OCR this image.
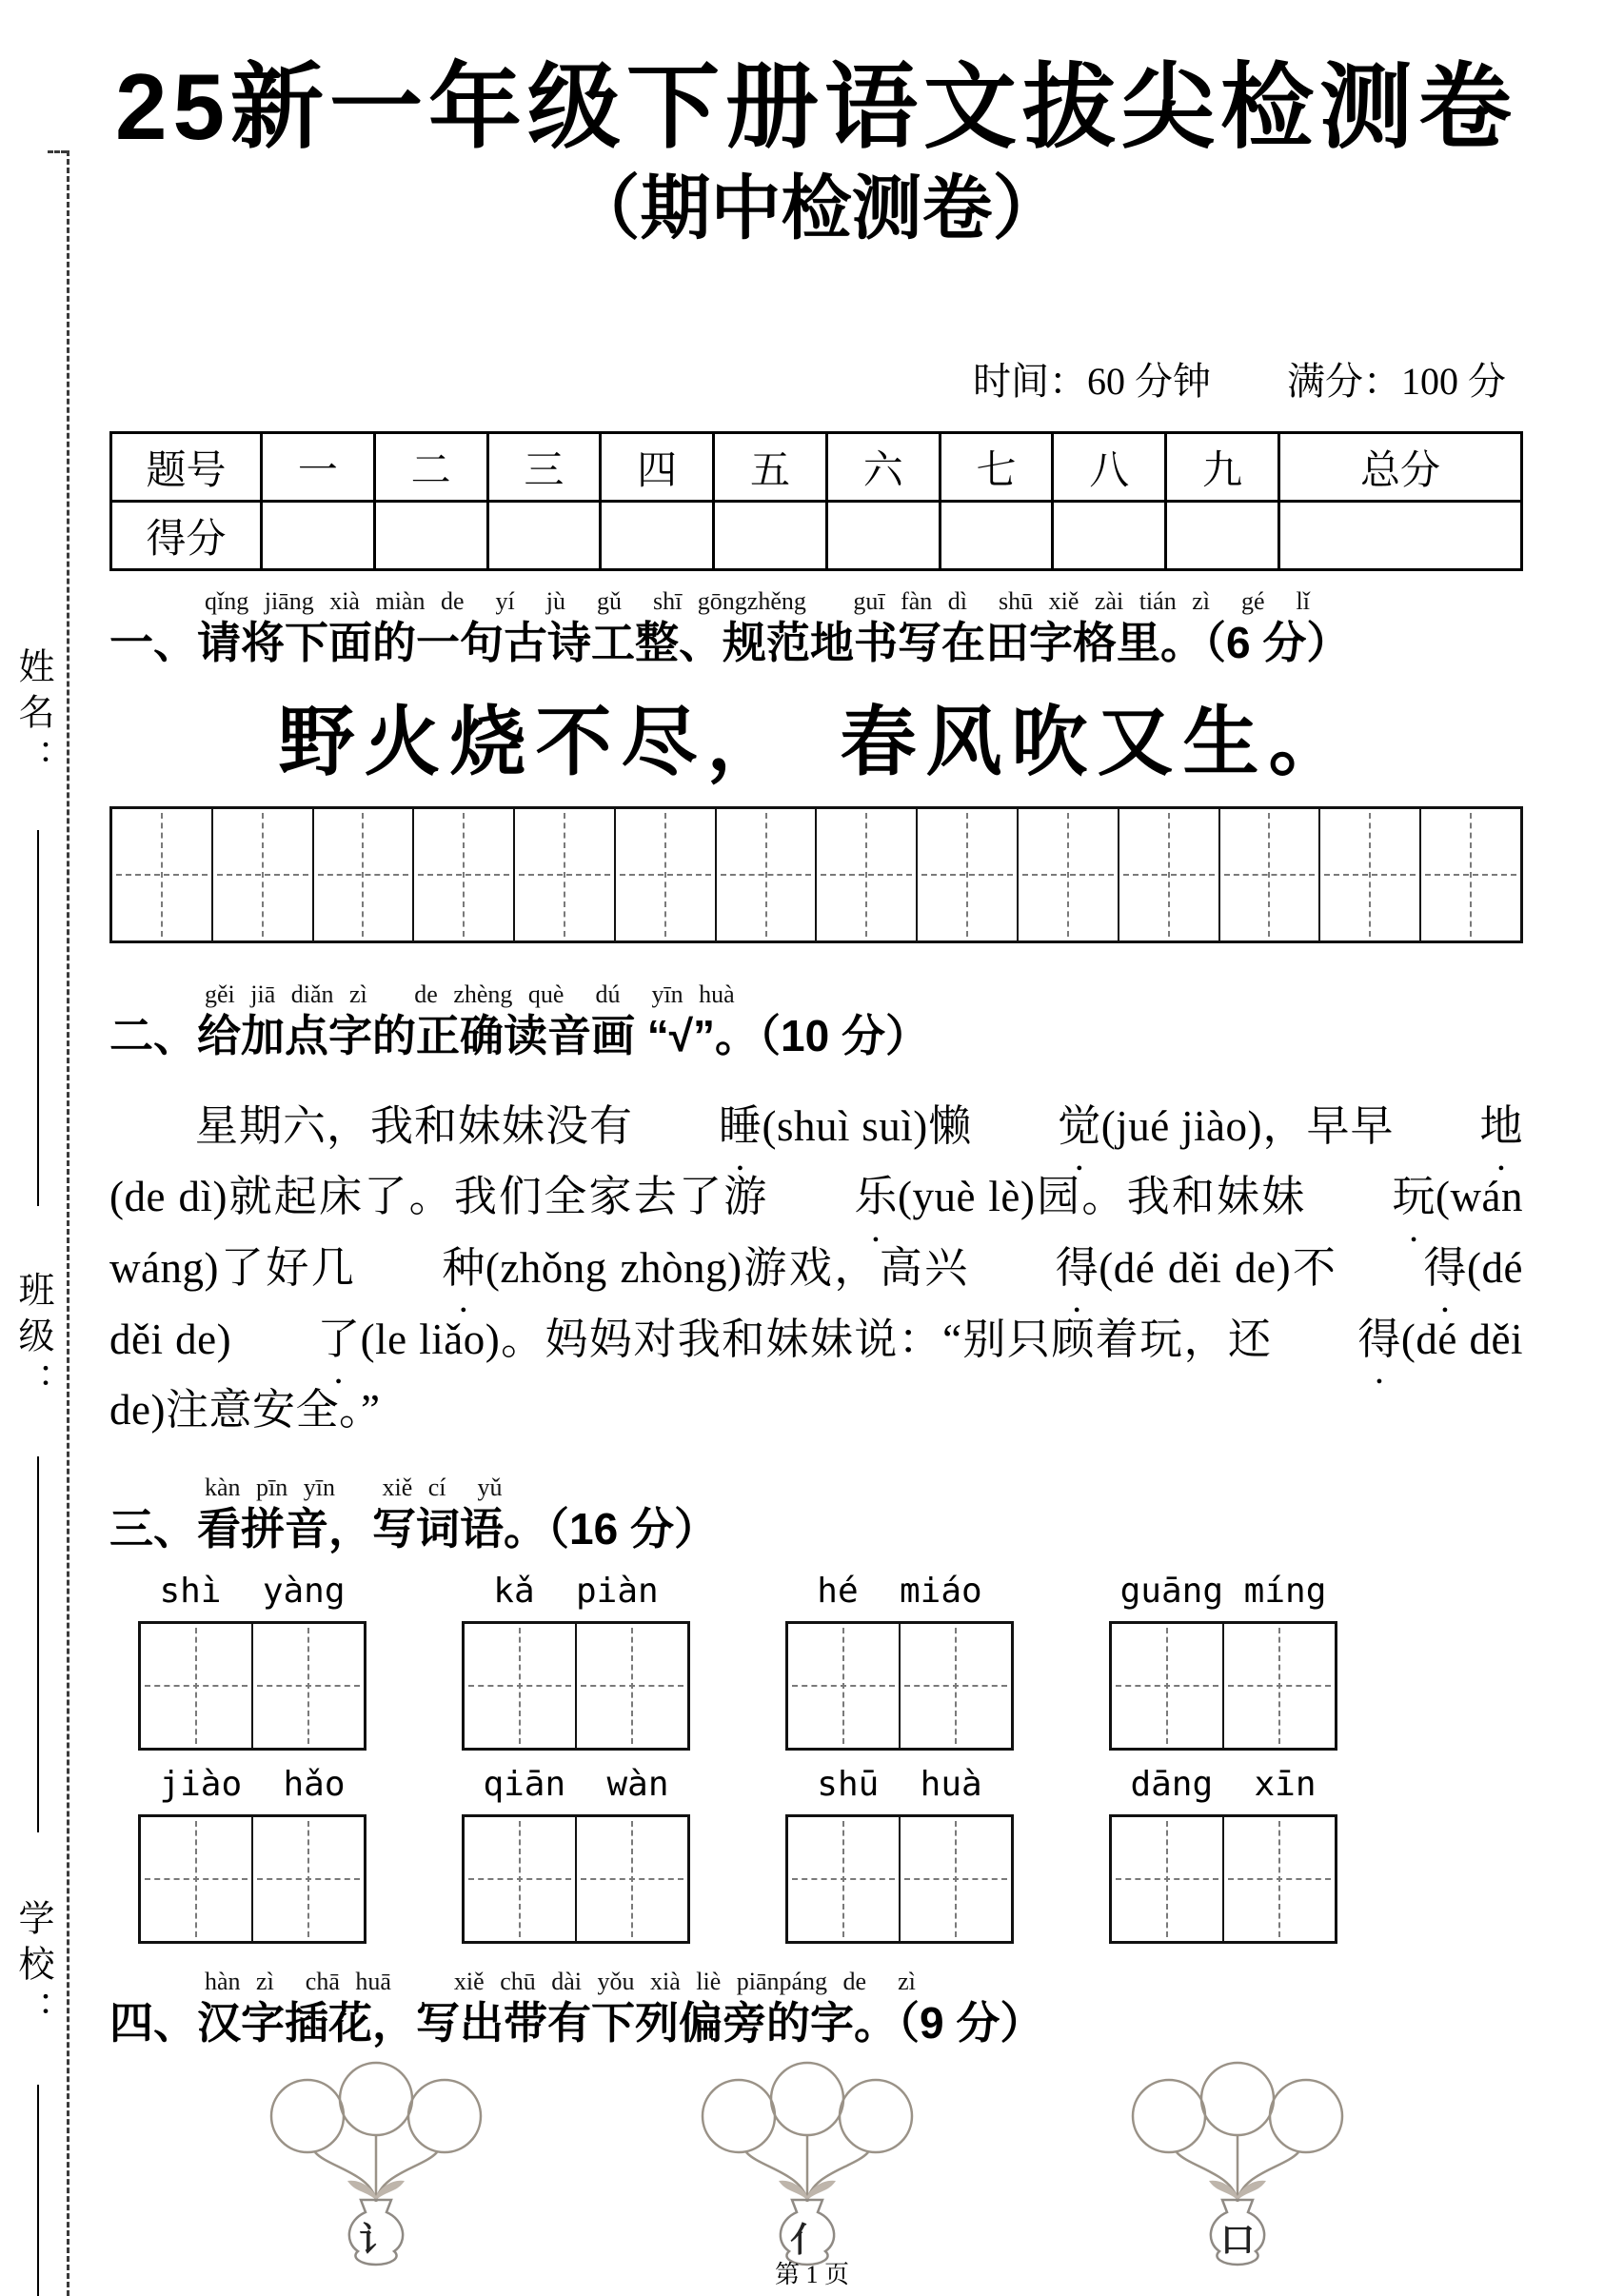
姓名：
班级：
学校：
25新一年级下册语文拔尖检测卷
（期中检测卷）
时间：60 分钟　　满分：100 分
题号	一	二	三	四	五	六	七	八	九	总分
得分										
qǐng jiāng xià miàn de  yí  jù  gǔ  shī gōngzhěng   guī fàn dì  shū xiě zài tián zì  gé  lǐ
一、请将下面的一句古诗工整、规范地书写在田字格里。（6 分）
野火烧不尽，　春风吹又生。
gěi jiā diǎn zì   de zhèng què  dú  yīn huà
二、给加点字的正确读音画 “√”。（10 分）

星期六，我和妹妹没有 睡 ●(shuì suì)懒 觉 ●(jué jiào)，早早 地 ●(de dì)就起床了。我们全家去了游 乐 ●(yuè lè)园。我和妹妹 玩 ●(wán wáng)了好几 种 ●(zhǒng zhòng)游戏，高兴 得 ●(dé děi de)不 得 ●(dé děi de) 了 ●(le liǎo)。妈妈对我和妹妹说：“别只顾着玩，还 得 ●(dé děi de)注意安全。”

kàn pīn yīn   xiě cí  yǔ
三、看拼音，写词语。（16 分）
shì  yàng	kǎ  piàn	hé  miáo	guāng míng
jiào  hǎo	qiān  wàn	shū  huà	dāng  xīn
hàn zì  chā huā    xiě chū dài yǒu xià liè piānpáng de  zì
四、汉字插花，写出带有下列偏旁的字。（9 分）
讠	亻	口
第 1 页
